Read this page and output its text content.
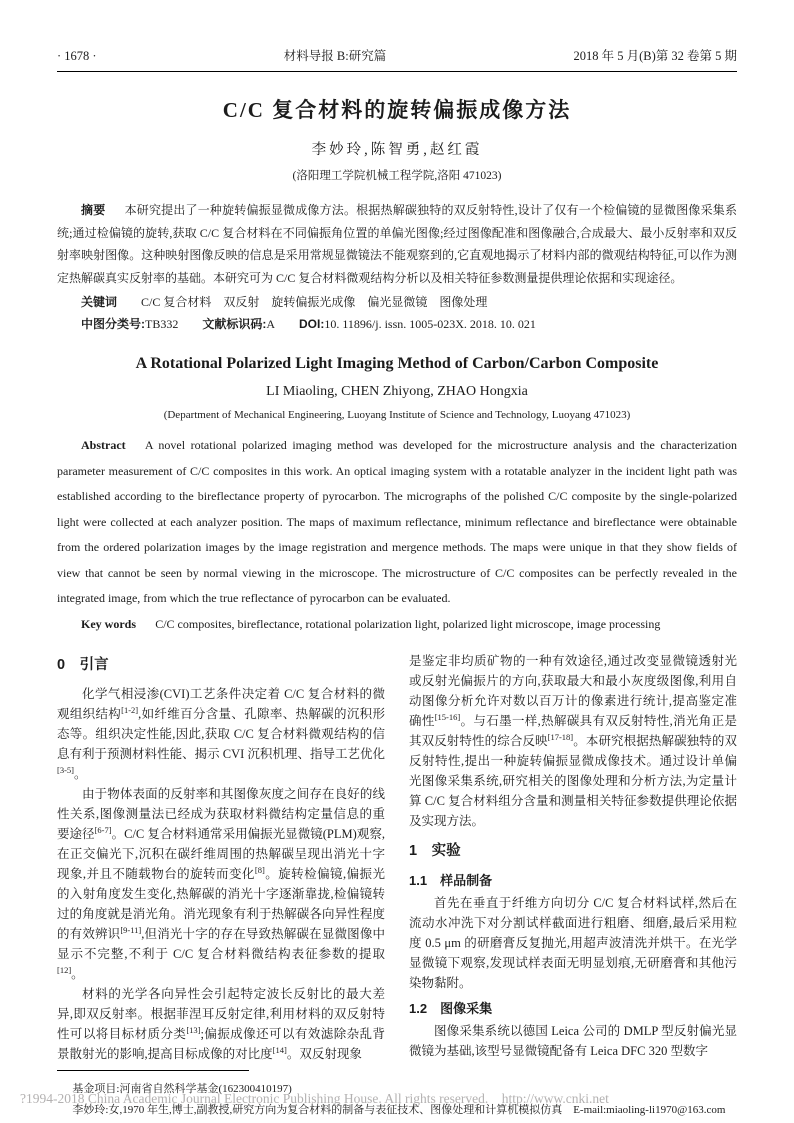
· 1678 ·	材料导报 B:研究篇	2018 年 5 月(B)第 32 卷第 5 期
C/C 复合材料的旋转偏振成像方法
李妙玲,陈智勇,赵红霞
(洛阳理工学院机械工程学院,洛阳 471023)

摘要 本研究提出了一种旋转偏振显微成像方法。根据热解碳独特的双反射特性,设计了仅有一个检偏镜的显微图像采集系统;通过检偏镜的旋转,获取 C/C 复合材料在不同偏振角位置的单偏光图像;经过图像配准和图像融合,合成最大、最小反射率和双反射率映射图像。这种映射图像反映的信息是采用常规显微镜法不能观察到的,它直观地揭示了材料内部的微观结构特征,可以作为测定热解碳真实反射率的基础。本研究可为 C/C 复合材料微观结构分析以及相关特征参数测量提供理论依据和实现途径。

关键词 C/C 复合材料　双反射　旋转偏振光成像　偏光显微镜　图像处理

中图分类号:TB332 文献标识码:A DOI:10. 11896/j. issn. 1005-023X. 2018. 10. 021

A Rotational Polarized Light Imaging Method of Carbon/Carbon Composite
LI Miaoling, CHEN Zhiyong, ZHAO Hongxia
(Department of Mechanical Engineering, Luoyang Institute of Science and Technology, Luoyang 471023)

Abstract A novel rotational polarized imaging method was developed for the microstructure analysis and the characterization parameter measurement of C/C composites in this work. An optical imaging system with a rotatable analyzer in the incident light path was established according to the bireflectance property of pyrocarbon. The micrographs of the polished C/C composite by the single-polarized light were collected at each analyzer position. The maps of maximum reflectance, minimum reflectance and bireflectance were obtainable from the ordered polarization images by the image registration and mergence methods. The maps were unique in that they show fields of view that cannot be seen by normal viewing in the microscope. The microstructure of C/C composites can be perfectly revealed in the integrated image, from which the true reflectance of pyrocarbon can be evaluated.

Key words C/C composites, bireflectance, rotational polarization light, polarized light microscope, image processing

0　引言

化学气相浸渗(CVI)工艺条件决定着 C/C 复合材料的微观组织结构[1-2],如纤维百分含量、孔隙率、热解碳的沉积形态等。组织决定性能,因此,获取 C/C 复合材料微观结构的信息有利于预测材料性能、揭示 CVI 沉积机理、指导工艺优化[3-5]。

由于物体表面的反射率和其图像灰度之间存在良好的线性关系,图像测量法已经成为获取材料微结构定量信息的重要途径[6-7]。C/C 复合材料通常采用偏振光显微镜(PLM)观察,在正交偏光下,沉积在碳纤维周围的热解碳呈现出消光十字现象,并且不随载物台的旋转而变化[8]。旋转检偏镜,偏振光的入射角度发生变化,热解碳的消光十字逐渐靠拢,检偏镜转过的角度就是消光角。消光现象有利于热解碳各向异性程度的有效辨识[9-11],但消光十字的存在导致热解碳在显微图像中显示不完整,不利于 C/C 复合材料微结构表征参数的提取[12]。

材料的光学各向异性会引起特定波长反射比的最大差异,即双反射率。根据菲涅耳反射定律,利用材料的双反射特性可以将目标材质分类[13];偏振成像还可以有效滤除杂乱背景散射光的影响,提高目标成像的对比度[14]。双反射现象

是鉴定非均质矿物的一种有效途径,通过改变显微镜透射光或反射光偏振片的方向,获取最大和最小灰度级图像,利用自动图像分析允许对数以百万计的像素进行统计,提高鉴定准确性[15-16]。与石墨一样,热解碳具有双反射特性,消光角正是其双反射特性的综合反映[17-18]。本研究根据热解碳独特的双反射特性,提出一种旋转偏振显微成像技术。通过设计单偏光图像采集系统,研究相关的图像处理和分析方法,为定量计算 C/C 复合材料组分含量和测量相关特征参数提供理论依据及实现方法。

1　实验
1.1　样品制备

首先在垂直于纤维方向切分 C/C 复合材料试样,然后在流动水冲洗下对分割试样截面进行粗磨、细磨,最后采用粒度 0.5 μm 的研磨膏反复抛光,用超声波清洗并烘干。在光学显微镜下观察,发现试样表面无明显划痕,无研磨膏和其他污染物黏附。

1.2　图像采集

图像采集系统以德国 Leica 公司的 DMLP 型反射偏光显微镜为基础,该型号显微镜配备有 Leica DFC 320 型数字

基金项目:河南省自然科学基金(162300410197)

李妙玲:女,1970 年生,博士,副教授,研究方向为复合材料的制备与表征技术、图像处理和计算机模拟仿真　E-mail:miaoling-li1970@163.com

?1994-2018 China Academic Journal Electronic Publishing House. All rights reserved.    http://www.cnki.net
